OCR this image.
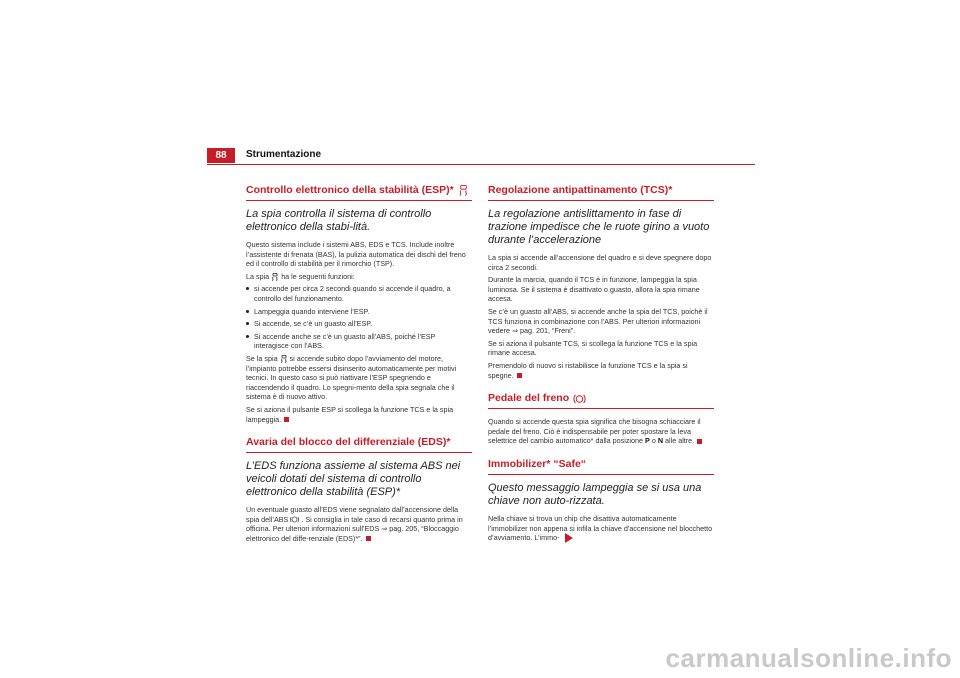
88	Strumentazione
Controllo elettronico della stabilità (ESP)*
La spia controlla il sistema di controllo elettronico della stabi-lità.

Questo sistema include i sistemi ABS, EDS e TCS. Include inoltre l’assistente di frenata (BAS), la pulizia automatica dei dischi del freno ed il controllo di stabilità per il rimorchio (TSP).

La spia ha le seguenti funzioni:

si accende per circa 2 secondi quando si accende il quadro, a controllo del funzionamento.

Lampeggia quando interviene l’ESP.

Si accende, se c’è un guasto all’ESP.

Si accende anche se c’è un guasto all’ABS, poiché l’ESP interagisce con l’ABS.

Se la spia si accende subito dopo l’avviamento del motore, l’impianto potrebbe essersi disinserito automaticamente per motivi tecnici. In questo caso si può riattivare l’ESP spegnendo e riaccendendo il quadro. Lo spegni-mento della spia segnala che il sistema è di nuovo attivo.

Se si aziona il pulsante ESP si scollega la funzione TCS e la spia lampeggia.

Avaria del blocco del differenziale (EDS)*
L’EDS funziona assieme al sistema ABS nei veicoli dotati del sistema di controllo elettronico della stabilità (ESP)*

Un eventuale guasto all’EDS viene segnalato dall’accensione della spia dell’ABS . Si consiglia in tale caso di recarsi quanto prima in officina. Per ulteriori informazioni sull’EDS ⇒ pag. 205, “Bloccaggio elettronico del diffe-renziale (EDS)*”.

Regolazione antipattinamento (TCS)*
La regolazione antislittamento in fase di trazione impedisce che le ruote girino a vuoto durante l’accelerazione

La spia si accende all’accensione del quadro e si deve spegnere dopo circa 2 secondi.

Durante la marcia, quando il TCS è in funzione, lampeggia la spia luminosa. Se il sistema è disattivato o guasto, allora la spia rimane accesa.

Se c’è un guasto all’ABS, si accende anche la spia del TCS, poiché il TCS funziona in combinazione con l’ABS. Per ulteriori informazioni vedere ⇒ pag. 201, “Freni”.

Se si aziona il pulsante TCS, si scollega la funzione TCS e la spia rimane accesa.

Premendolo di nuovo si ristabilisce la funzione TCS e la spia si spegne.

Pedale del freno

Quando si accende questa spia significa che bisogna schiacciare il pedale del freno. Ciò è indispensabile per poter spostare la leva selettrice del cambio automatico* dalla posizione P o N alle altre.

Immobilizer* “Safe“
Questo messaggio lampeggia se si usa una chiave non auto-rizzata.

Nella chiave si trova un chip che disattiva automaticamente l’immobilizer non appena si infila la chiave d’accensione nel blocchetto d’avviamento. L’immo-

carmanualsonline.info
